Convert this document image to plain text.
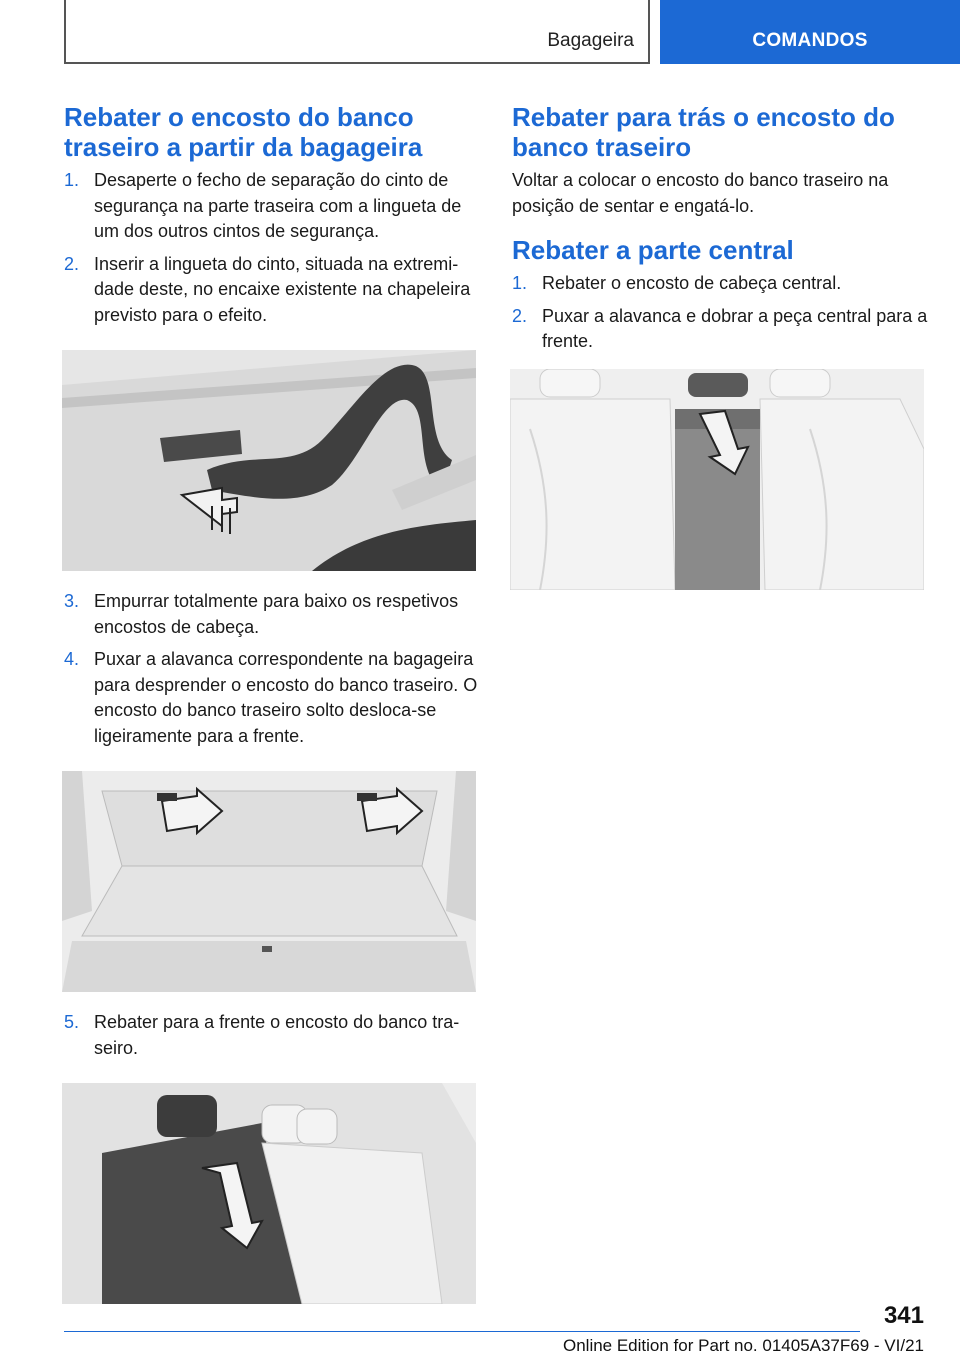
Bagageira	COMANDOS
Rebater o encosto do banco traseiro a partir da bagageira
1. Desaperte o fecho de separação do cinto de segurança na parte traseira com a lingueta de um dos outros cintos de segurança.
2. Inserir a lingueta do cinto, situada na extremidade deste, no encaixe existente na chapeleira previsto para o efeito.
3. Empurrar totalmente para baixo os respetivos encostos de cabeça.
4. Puxar a alavanca correspondente na bagageira para desprender o encosto do banco traseiro. O encosto do banco traseiro solto desloca-se ligeiramente para a frente.
5. Rebater para a frente o encosto do banco traseiro.
Rebater para trás o encosto do banco traseiro

Voltar a colocar o encosto do banco traseiro na posição de sentar e engatá-lo.

Rebater a parte central
1. Rebater o encosto de cabeça central.
2. Puxar a alavanca e dobrar a peça central para a frente.
341
Online Edition for Part no. 01405A37F69 - VI/21
